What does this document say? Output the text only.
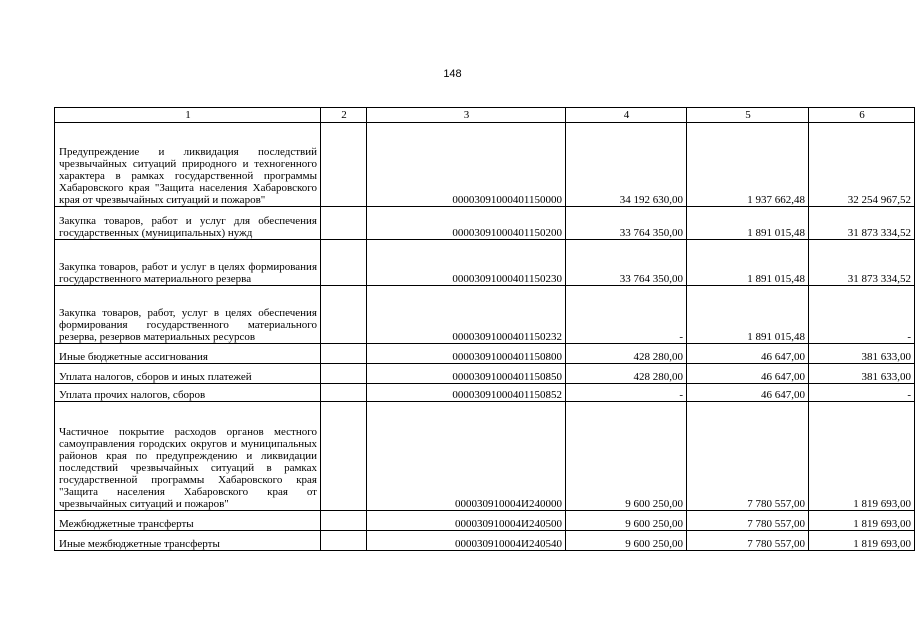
148
1	2	3	4	5	6
Предупреждение и ликвидация последствий чрезвычайных ситуаций природного и техногенного характера в рамках государственной программы Хабаровского края "Защита населения Хабаровского края от чрезвычайных ситуаций и пожаров"		0000309100040115000​0	34 192 630,00	1 937 662,48	32 254 967,52
Закупка товаров, работ и услуг для обеспечения государственных (муниципальных) нужд		00003091000401150200	33 764 350,00	1 891 015,48	31 873 334,52
Закупка товаров, работ и услуг в целях формирования государственного материального резерва		00003091000401150230	33 764 350,00	1 891 015,48	31 873 334,52
Закупка товаров, работ, услуг в целях обеспечения формирования государственного материального резерва, резервов материальных ресурсов		00003091000401150232	-	1 891 015,48	-
Иные бюджетные ассигнования		00003091000401150800	428 280,00	46 647,00	381 633,00
Уплата налогов, сборов и иных платежей		00003091000401150850	428 280,00	46 647,00	381 633,00
Уплата прочих налогов, сборов		00003091000401150852	-	46 647,00	-
Частичное покрытие расходов органов местного самоуправления городских округов и муниципальных районов края по предупреждению и ликвидации последствий чрезвычайных ситуаций в рамках государственной программы Хабаровского края "Защита населения Хабаровского края от чрезвычайных ситуаций и пожаров"		000030910004И240000	9 600 250,00	7 780 557,00	1 819 693,00
Межбюджетные трансферты		000030910004И240500	9 600 250,00	7 780 557,00	1 819 693,00
Иные межбюджетные трансферты		000030910004И240540	9 600 250,00	7 780 557,00	1 819 693,00
